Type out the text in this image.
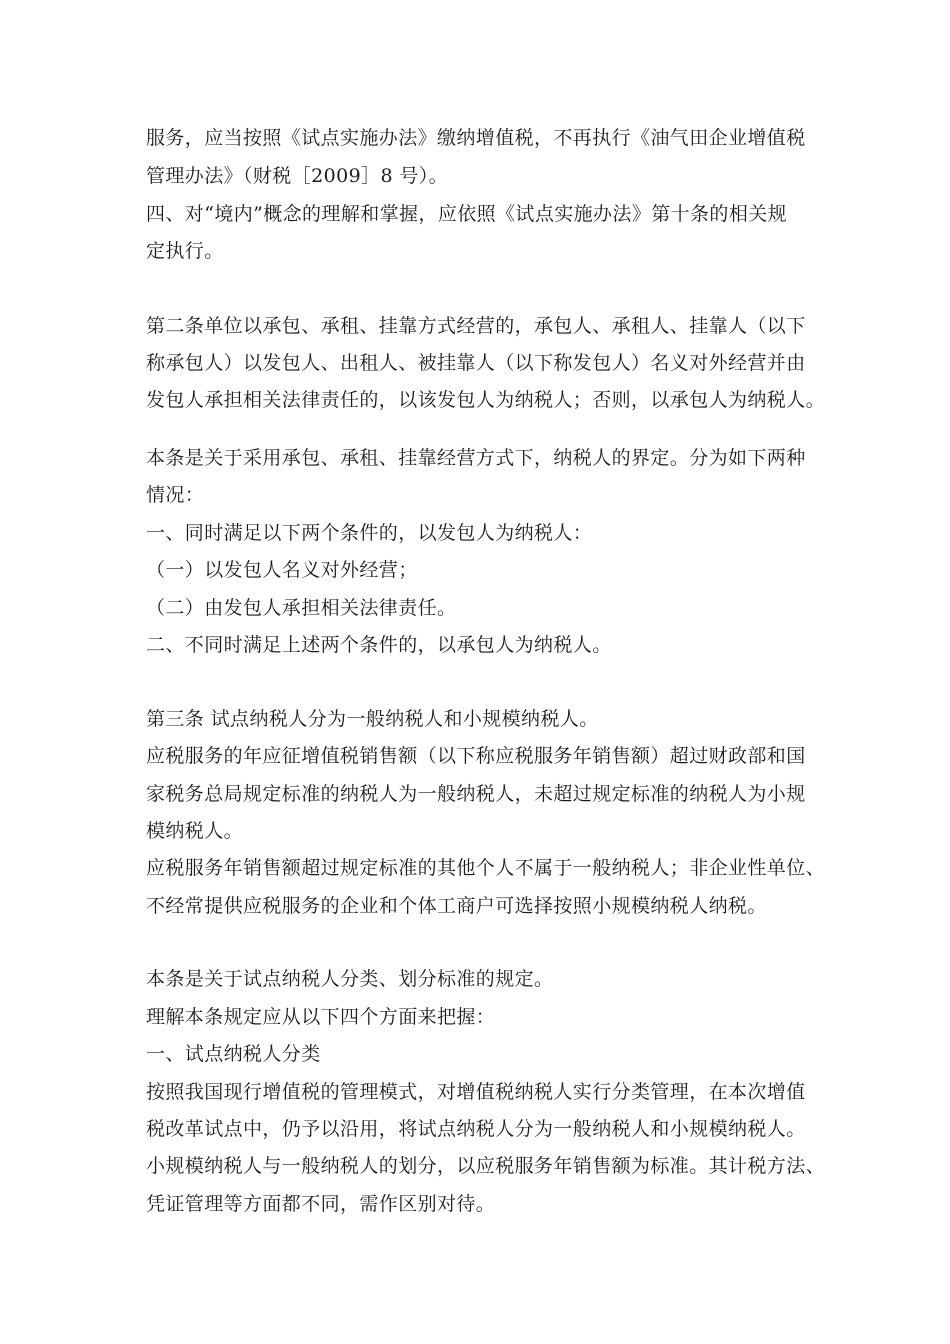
服务，应当按照《试点实施办法》缴纳增值税，不再执行《油气田企业增值税
管理办法》（财税［2009］8 号）。
四、对“境内”概念的理解和掌握，应依照《试点实施办法》第十条的相关规
定执行。
第二条单位以承包、承租、挂靠方式经营的，承包人、承租人、挂靠人（以下
称承包人）以发包人、出租人、被挂靠人（以下称发包人）名义对外经营并由
发包人承担相关法律责任的，以该发包人为纳税人；否则，以承包人为纳税人。
本条是关于采用承包、承租、挂靠经营方式下，纳税人的界定。分为如下两种
情况：
一、同时满足以下两个条件的，以发包人为纳税人：
（一）以发包人名义对外经营；
（二）由发包人承担相关法律责任。
二、不同时满足上述两个条件的，以承包人为纳税人。
第三条 试点纳税人分为一般纳税人和小规模纳税人。
应税服务的年应征增值税销售额（以下称应税服务年销售额）超过财政部和国
家税务总局规定标准的纳税人为一般纳税人，未超过规定标准的纳税人为小规
模纳税人。
应税服务年销售额超过规定标准的其他个人不属于一般纳税人；非企业性单位、
不经常提供应税服务的企业和个体工商户可选择按照小规模纳税人纳税。
本条是关于试点纳税人分类、划分标准的规定。
理解本条规定应从以下四个方面来把握：
一、试点纳税人分类
按照我国现行增值税的管理模式，对增值税纳税人实行分类管理，在本次增值
税改革试点中，仍予以沿用，将试点纳税人分为一般纳税人和小规模纳税人。
小规模纳税人与一般纳税人的划分，以应税服务年销售额为标准。其计税方法、
凭证管理等方面都不同，需作区别对待。
